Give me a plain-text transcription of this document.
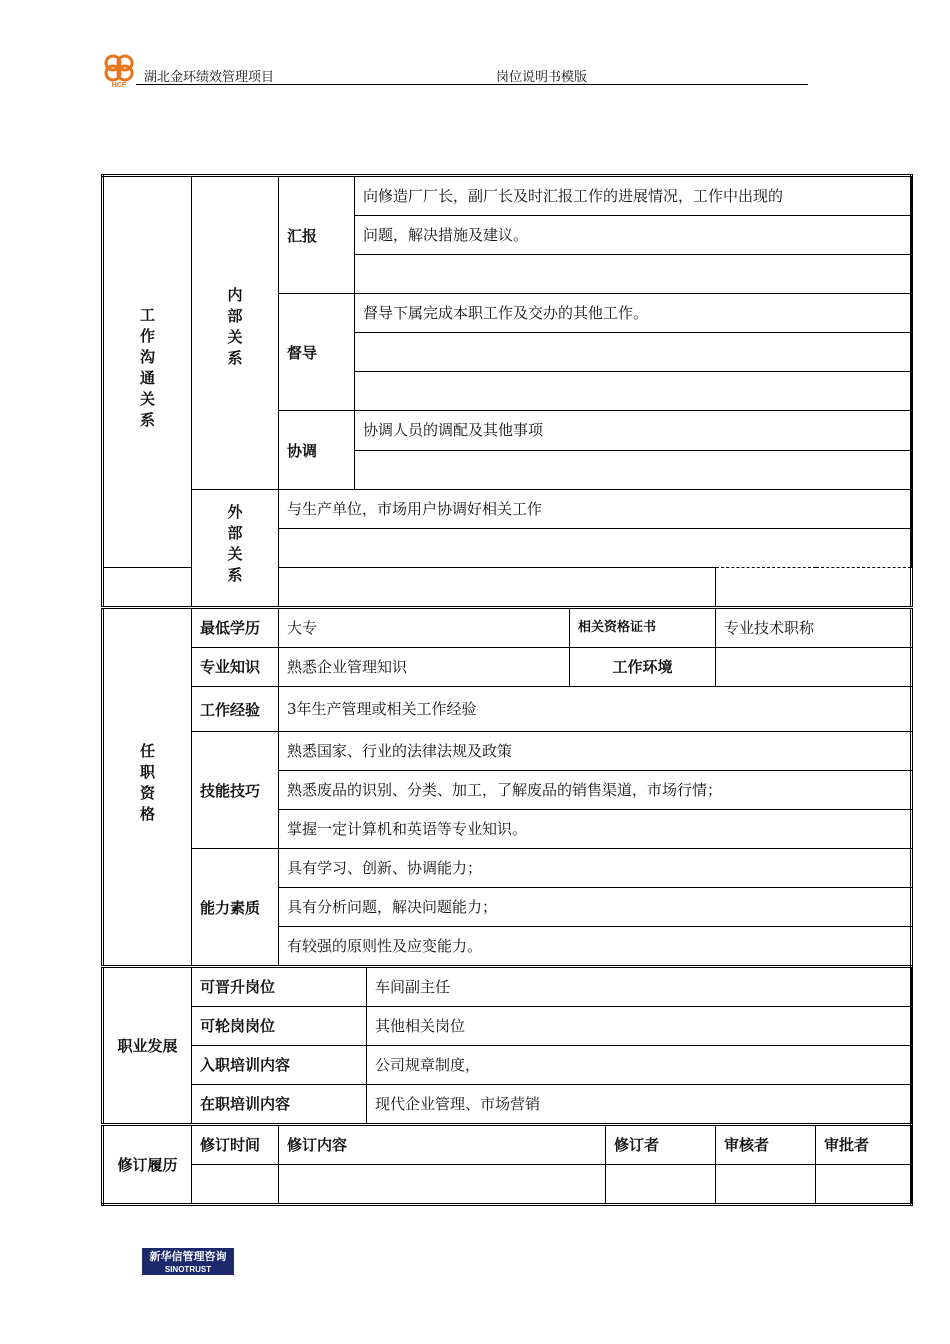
HCF
湖北金环绩效管理项目	岗位说明书模版
工作沟通关系	内部关系	汇报	向修造厂厂长，副厂长及时汇报工作的进展情况，工作中出现的					
			问题，解决措施及建议。					

		督导	督导下属完成本职工作及交办的其他工作。					

		协调	协调人员的调配及其他事项					

	外部关系	与生产单位，市场用户协调好相关工作						

任职资格	最低学历	大专			相关资格证书		专业技术职称	
	专业知识	熟悉企业管理知识			工作环境			
	工作经验	3年生产管理或相关工作经验						
	技能技巧	熟悉国家、行业的法律法规及政策						
		熟悉废品的识别、分类、加工，了解废品的销售渠道，市场行情；						
		掌握一定计算机和英语等专业知识。						
	能力素质	具有学习、创新、协调能力；						
		具有分析问题，解决问题能力；						
		有较强的原则性及应变能力。						
职业发展	可晋升岗位			车间副主任				
	可轮岗岗位			其他相关岗位				
	入职培训内容			公司规章制度，				
	在职培训内容			现代企业管理、市场营销				
修订履历	修订时间	修订内容				修订者	审核者	审批者

新华信管理咨询
SINOTRUST
